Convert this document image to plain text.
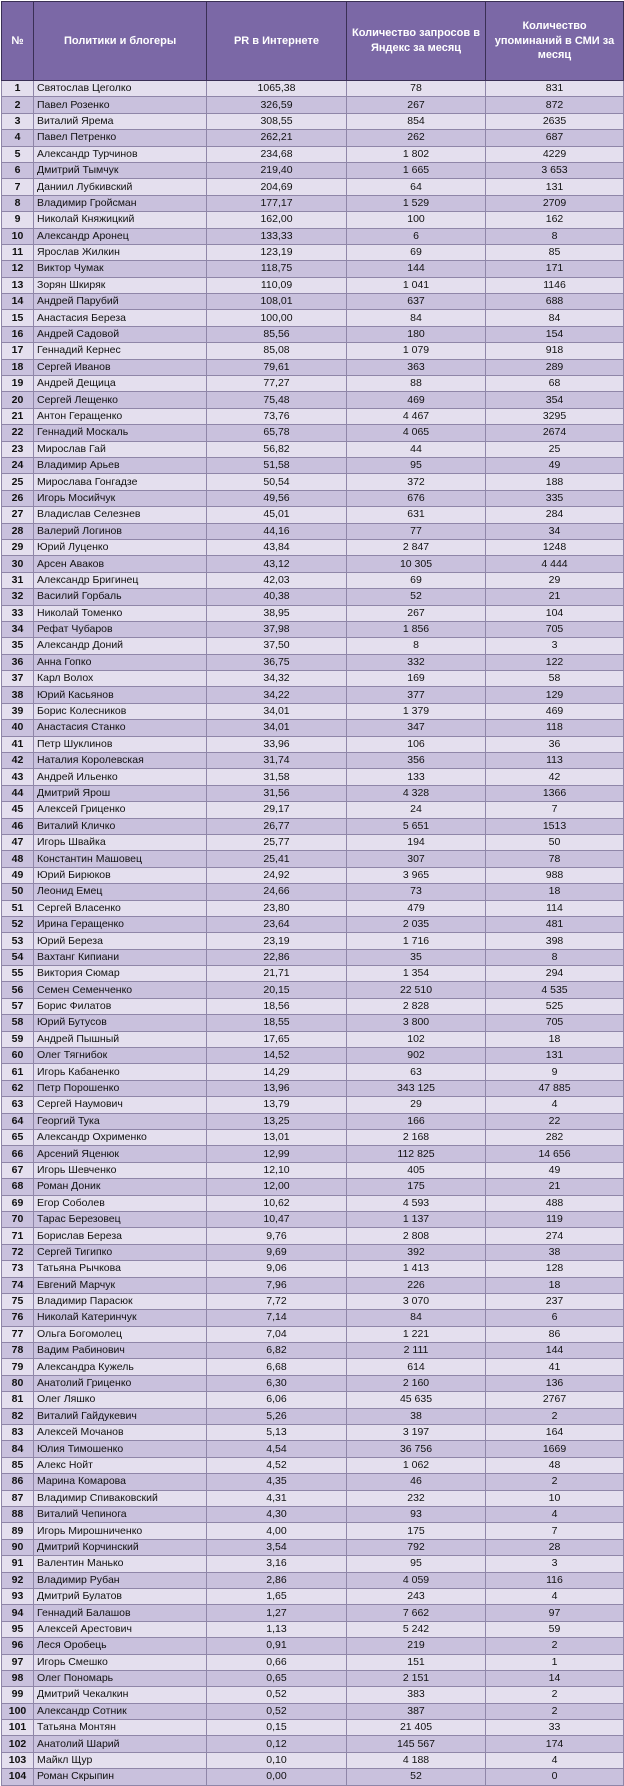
№	Политики и блогеры	PR в Интернете	Количество запросов в Яндекс за месяц	Количество упоминаний в СМИ за месяц
1	Святослав Цеголко	1065,38	78	831
2	Павел Розенко	326,59	267	872
3	Виталий Ярема	308,55	854	2635
4	Павел Петренко	262,21	262	687
5	Александр Турчинов	234,68	1 802	4229
6	Дмитрий Тымчук	219,40	1 665	3 653
7	Даниил Лубкивский	204,69	64	131
8	Владимир Гройсман	177,17	1 529	2709
9	Николай Княжицкий	162,00	100	162
10	Александр Аронец	133,33	6	8
11	Ярослав Жилкин	123,19	69	85
12	Виктор Чумак	118,75	144	171
13	Зорян Шкиряк	110,09	1 041	1146
14	Андрей Парубий	108,01	637	688
15	Анастасия Береза	100,00	84	84
16	Андрей Садовой	85,56	180	154
17	Геннадий Кернес	85,08	1 079	918
18	Сергей Иванов	79,61	363	289
19	Андрей Дещица	77,27	88	68
20	Сергей Лещенко	75,48	469	354
21	Антон Геращенко	73,76	4 467	3295
22	Геннадий Москаль	65,78	4 065	2674
23	Мирослав Гай	56,82	44	25
24	Владимир Арьев	51,58	95	49
25	Мирослава Гонгадзе	50,54	372	188
26	Игорь Мосийчук	49,56	676	335
27	Владислав Селезнев	45,01	631	284
28	Валерий Логинов	44,16	77	34
29	Юрий Луценко	43,84	2 847	1248
30	Арсен Аваков	43,12	10 305	4 444
31	Александр Бригинец	42,03	69	29
32	Василий Горбаль	40,38	52	21
33	Николай Томенко	38,95	267	104
34	Рефат Чубаров	37,98	1 856	705
35	Александр Доний	37,50	8	3
36	Анна Гопко	36,75	332	122
37	Карл Волох	34,32	169	58
38	Юрий Касьянов	34,22	377	129
39	Борис Колесников	34,01	1 379	469
40	Анастасия Станко	34,01	347	118
41	Петр Шуклинов	33,96	106	36
42	Наталия Королевская	31,74	356	113
43	Андрей Ильенко	31,58	133	42
44	Дмитрий Ярош	31,56	4 328	1366
45	Алексей Гриценко	29,17	24	7
46	Виталий Кличко	26,77	5 651	1513
47	Игорь Швайка	25,77	194	50
48	Константин Машовец	25,41	307	78
49	Юрий Бирюков	24,92	3 965	988
50	Леонид Емец	24,66	73	18
51	Сергей Власенко	23,80	479	114
52	Ирина Геращенко	23,64	2 035	481
53	Юрий Береза	23,19	1 716	398
54	Вахтанг Кипиани	22,86	35	8
55	Виктория Сюмар	21,71	1 354	294
56	Семен Семенченко	20,15	22 510	4 535
57	Борис Филатов	18,56	2 828	525
58	Юрий Бутусов	18,55	3 800	705
59	Андрей Пышный	17,65	102	18
60	Олег Тягнибок	14,52	902	131
61	Игорь Кабаненко	14,29	63	9
62	Петр Порошенко	13,96	343 125	47 885
63	Сергей Наумович	13,79	29	4
64	Георгий Тука	13,25	166	22
65	Александр Охрименко	13,01	2 168	282
66	Арсений Яценюк	12,99	112 825	14 656
67	Игорь Шевченко	12,10	405	49
68	Роман Доник	12,00	175	21
69	Егор Соболев	10,62	4 593	488
70	Тарас Березовец	10,47	1 137	119
71	Борислав Береза	9,76	2 808	274
72	Сергей Тигипко	9,69	392	38
73	Татьяна Рычкова	9,06	1 413	128
74	Евгений Марчук	7,96	226	18
75	Владимир Парасюк	7,72	3 070	237
76	Николай Катеринчук	7,14	84	6
77	Ольга Богомолец	7,04	1 221	86
78	Вадим Рабинович	6,82	2 111	144
79	Александра Кужель	6,68	614	41
80	Анатолий Гриценко	6,30	2 160	136
81	Олег Ляшко	6,06	45 635	2767
82	Виталий Гайдукевич	5,26	38	2
83	Алексей Мочанов	5,13	3 197	164
84	Юлия Тимошенко	4,54	36 756	1669
85	Алекс Нойт	4,52	1 062	48
86	Марина Комарова	4,35	46	2
87	Владимир Спиваковский	4,31	232	10
88	Виталий Чепинога	4,30	93	4
89	Игорь Мирошниченко	4,00	175	7
90	Дмитрий Корчинский	3,54	792	28
91	Валентин Манько	3,16	95	3
92	Владимир Рубан	2,86	4 059	116
93	Дмитрий Булатов	1,65	243	4
94	Геннадий Балашов	1,27	7 662	97
95	Алексей Арестович	1,13	5 242	59
96	Леся Оробець	0,91	219	2
97	Игорь Смешко	0,66	151	1
98	Олег Пономарь	0,65	2 151	14
99	Дмитрий Чекалкин	0,52	383	2
100	Александр Сотник	0,52	387	2
101	Татьяна Монтян	0,15	21 405	33
102	Анатолий Шарий	0,12	145 567	174
103	Майкл Щур	0,10	4 188	4
104	Роман Скрыпин	0,00	52	0
